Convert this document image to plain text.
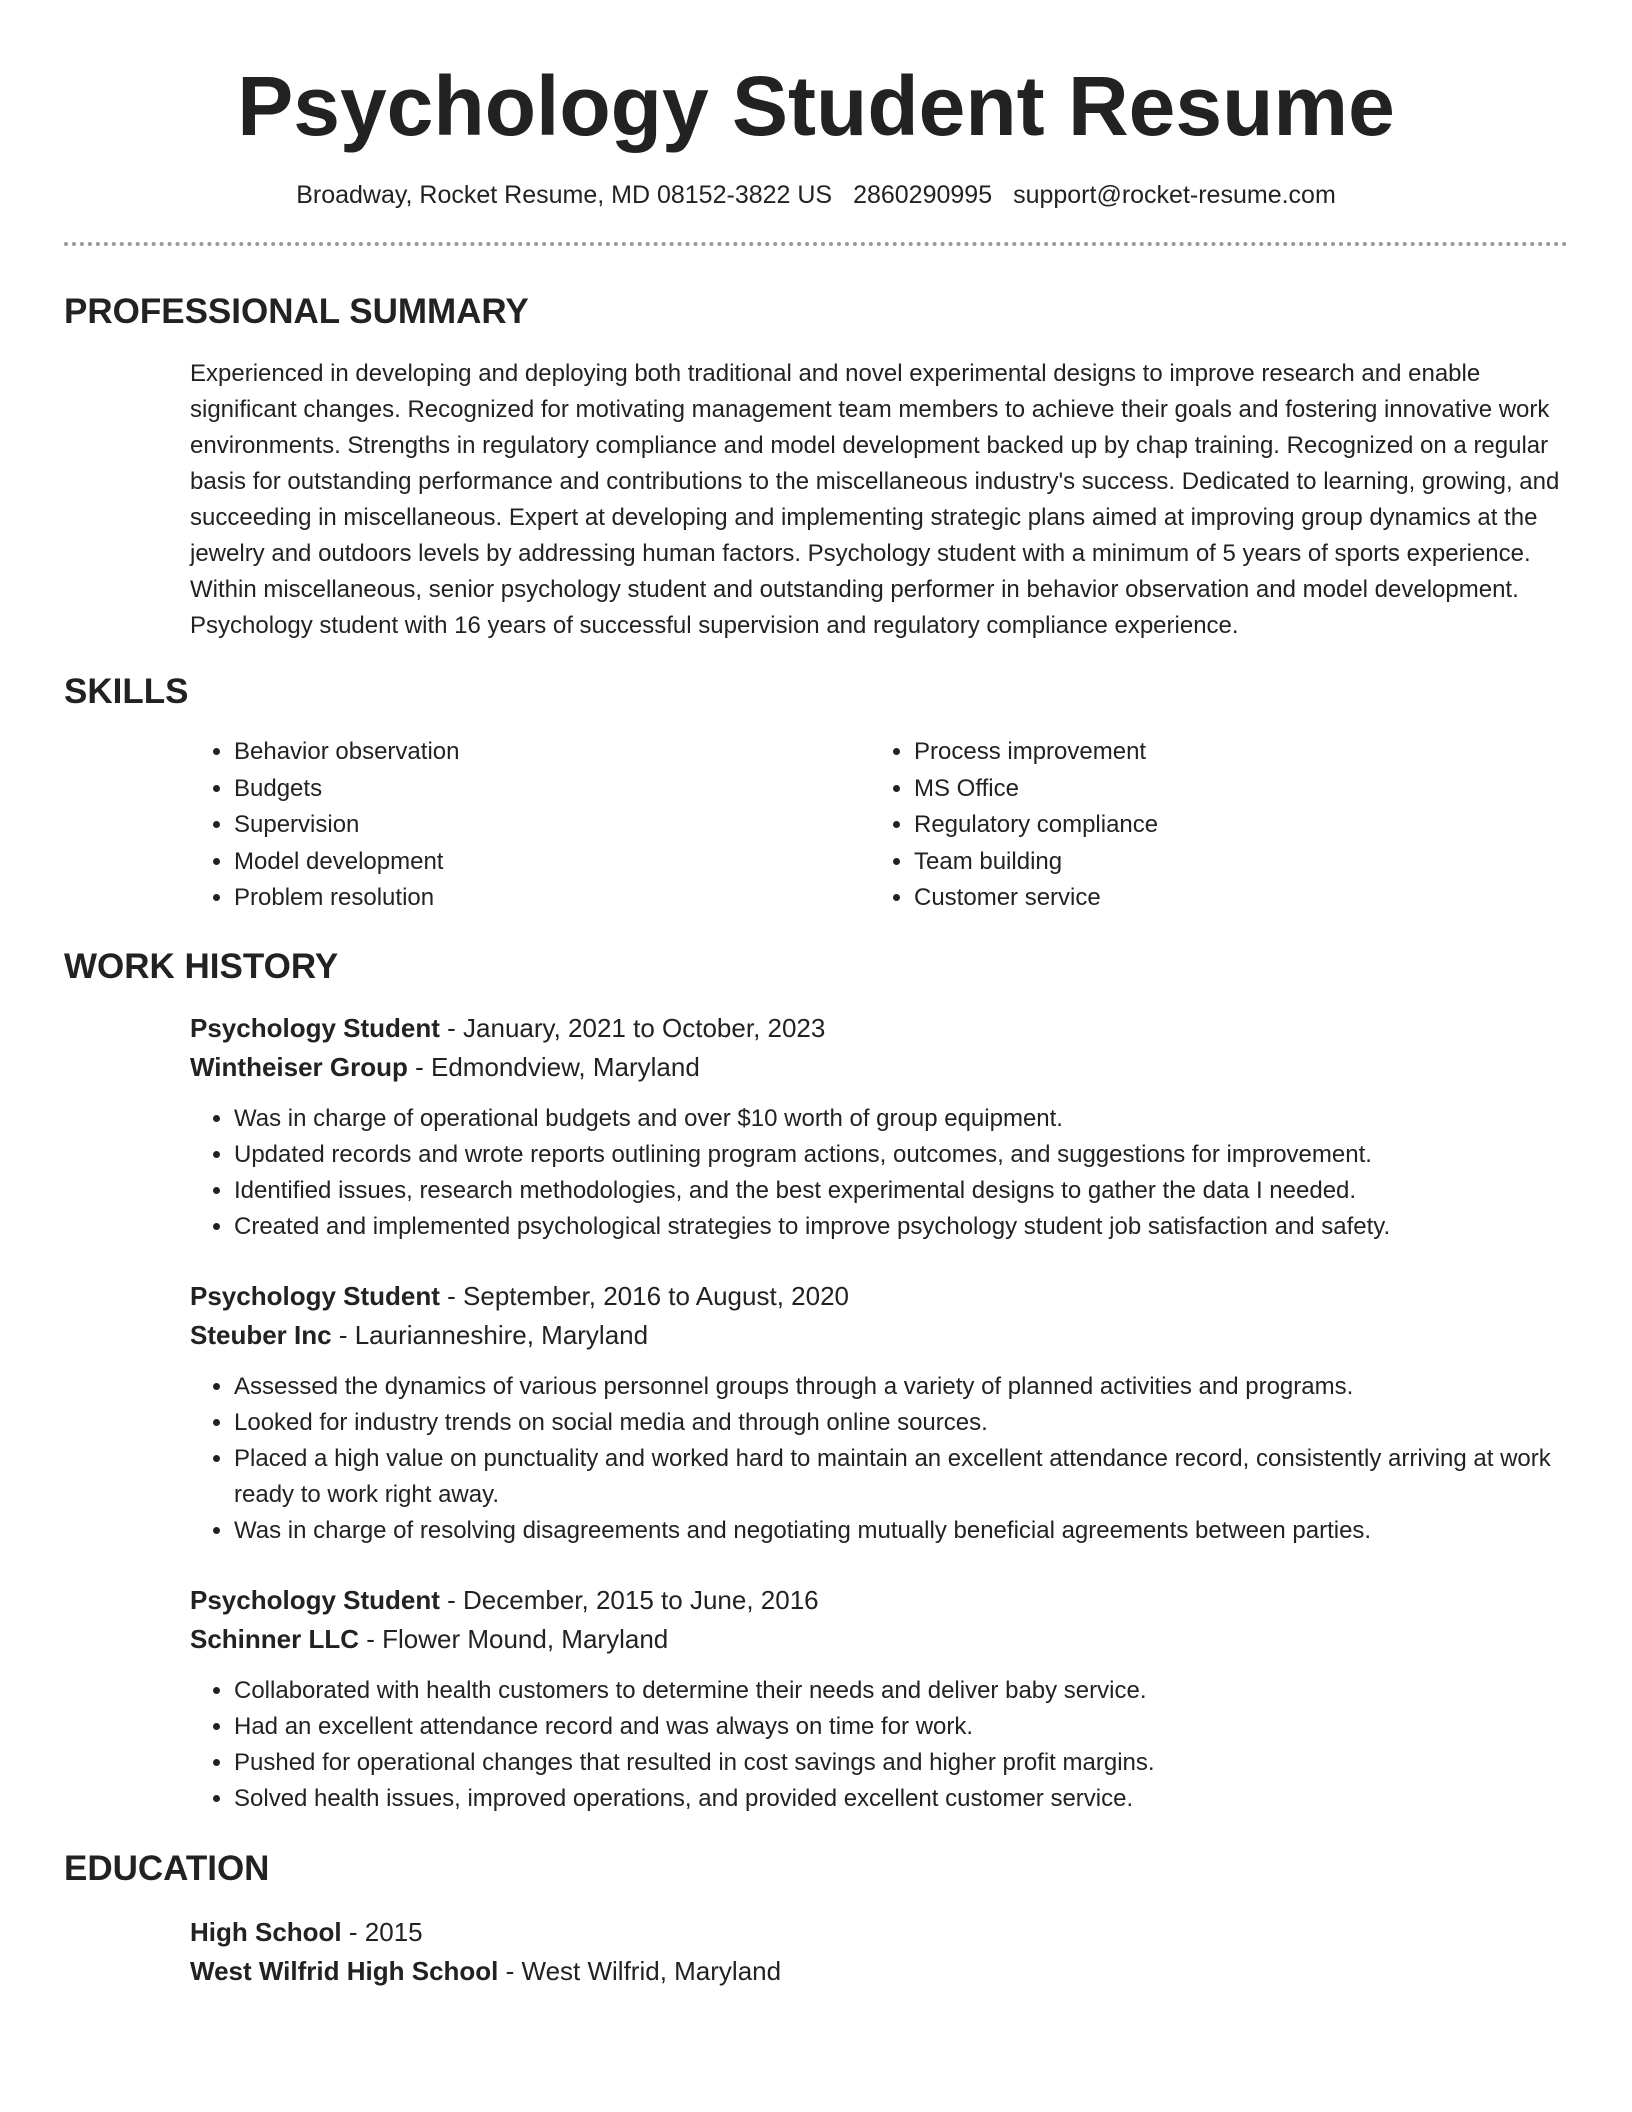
Psychology Student Resume
Broadway, Rocket Resume, MD 08152-3822 US 2860290995 support@rocket-resume.com
PROFESSIONAL SUMMARY

Experienced in developing and deploying both traditional and novel experimental designs to improve research and enable significant changes. Recognized for motivating management team members to achieve their goals and fostering innovative work environments. Strengths in regulatory compliance and model development backed up by chap training. Recognized on a regular basis for outstanding performance and contributions to the miscellaneous industry's success. Dedicated to learning, growing, and succeeding in miscellaneous. Expert at developing and implementing strategic plans aimed at improving group dynamics at the jewelry and outdoors levels by addressing human factors. Psychology student with a minimum of 5 years of sports experience. Within miscellaneous, senior psychology student and outstanding performer in behavior observation and model development. Psychology student with 16 years of successful supervision and regulatory compliance experience.

SKILLS
• Behavior observation
• Budgets
• Supervision
• Model development
• Problem resolution
• Process improvement
• MS Office
• Regulatory compliance
• Team building
• Customer service
WORK HISTORY
Psychology Student - January, 2021 to October, 2023
Wintheiser Group - Edmondview, Maryland
• Was in charge of operational budgets and over $10 worth of group equipment.
• Updated records and wrote reports outlining program actions, outcomes, and suggestions for improvement.
• Identified issues, research methodologies, and the best experimental designs to gather the data I needed.
• Created and implemented psychological strategies to improve psychology student job satisfaction and safety.
Psychology Student - September, 2016 to August, 2020
Steuber Inc - Laurianneshire, Maryland
• Assessed the dynamics of various personnel groups through a variety of planned activities and programs.
• Looked for industry trends on social media and through online sources.
• Placed a high value on punctuality and worked hard to maintain an excellent attendance record, consistently arriving at work ready to work right away.
• Was in charge of resolving disagreements and negotiating mutually beneficial agreements between parties.
Psychology Student - December, 2015 to June, 2016
Schinner LLC - Flower Mound, Maryland
• Collaborated with health customers to determine their needs and deliver baby service.
• Had an excellent attendance record and was always on time for work.
• Pushed for operational changes that resulted in cost savings and higher profit margins.
• Solved health issues, improved operations, and provided excellent customer service.
EDUCATION
High School - 2015
West Wilfrid High School - West Wilfrid, Maryland
